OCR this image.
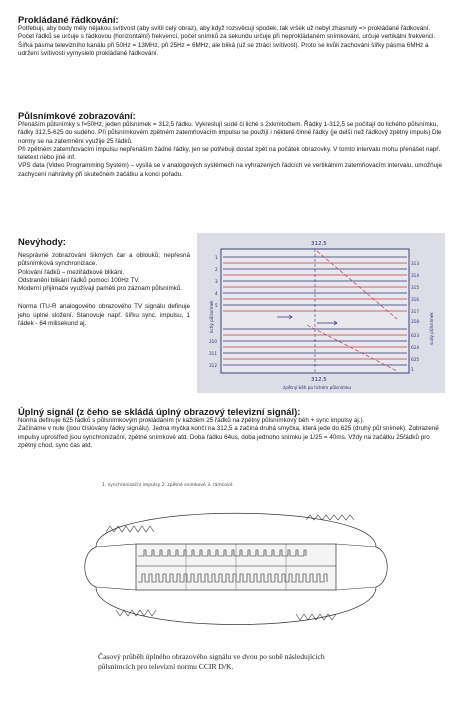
Prokládané řádkování:

Potřebuji, aby body měly nějakou svítivost (aby svítil celý obraz), aby když rozsvěcuji spodek, tak vršek už nebyl zhasnutý => prokládané řádkování.

Počet řádků se určuje s řádkovou (horizontální) frekvencí, počet snímků za sekundu určuje při neprokládaném snímkování, určuje vertikální frekvenci.

Šířka pásma televizního kanálu při 50Hz = 13MHz, při 25Hz = 6MHz, ale bliká (už se ztrácí svítivost). Proto se kvůli zachování šířky pásma 6MHz a udržení svítivosti vymyslelo prokládané řádkování.

Půlsnímkové zobrazování:

Přenáším půlsnímky s f=50Hz, jeden půlsnímek = 312,5 řádku. Vykreslují sudé či liché s 2xkmitočtem. Řádky 1-312,5 se počítají do lichého půlsnímku, řádky 312,5-625 do sudého. Při půlsnímkovém zpětném zatemňovacím impulsu se použijí i některé činné řádky (je delší než řádkový zpětný impuls) Dle normy se na zatemnění využije 25 řádků.

Při zpětném zatemňovacím impulsu nepřenáším žádné řádky, jen se potřebuji dostat zpět na počátek obrazovky. V tomto intervalu mohu přenášet např. teletext nebo jiné inf.

VPS data (Video Programming Systém) – vysílá se v analogových systémech na vyhrazených řádcích ve vertikálním zatemňovacím intervalu, umožňuje zachycení nahrávky při skutečném začátku a konci pořadu.

Nevýhody:

Nesprávné zobrazování šikmých čar a oblouků; nepřesná půlsnímková synchronizace.

Polování řádků – meziřádkové blikání.

Odstranění blikání řádků pomocí 100Hz TV.

Moderní přijímače využívají paměti pro záznam půlsnímků.

Norma ITU-R analogového obrazového TV signálu definuje jeho úplné složení. Stanovuje např. šířku sync. impulsu, 1 řádek - 64 milisekund aj.

312,5
312,5
zpětný běh po lichém půlsnímku
lichý půlsnímek	sudý půlsnímek
1
2
3
4
5
310
311
312
313
314
315
316
317
318
623
624
625
1
Úplný signál (z čeho se skládá úplný obrazový televizní signál):

Norma definuje 625 řádků s půlsnímkovým prokládáním (v každém 25 řádků na zpětný půlsnímkový běh + sync impulsy aj.).

Začínáme v nule (jsou číslovány řádky signálu). Jedna myčka končí na 312,5 a začíná druhá smyčka, která jede do 625 (druhý půl snímek). Zobrazené impulsy uprostřed jsou synchronizační, zpětné snímkové atd. Doba řádku 64us, doba jednoho snímku je 1/25 = 40ms. Vždy na začátku 25řádků pro zpětný chod, sync čas atd.

1. synchronizační impulsy 2. zpětné snímkové 3. rámcové
Časový průběh úplného obrazového signálu ve dvou po sobě následujících půlsnímcích pro televizní normu CCIR D/K.
